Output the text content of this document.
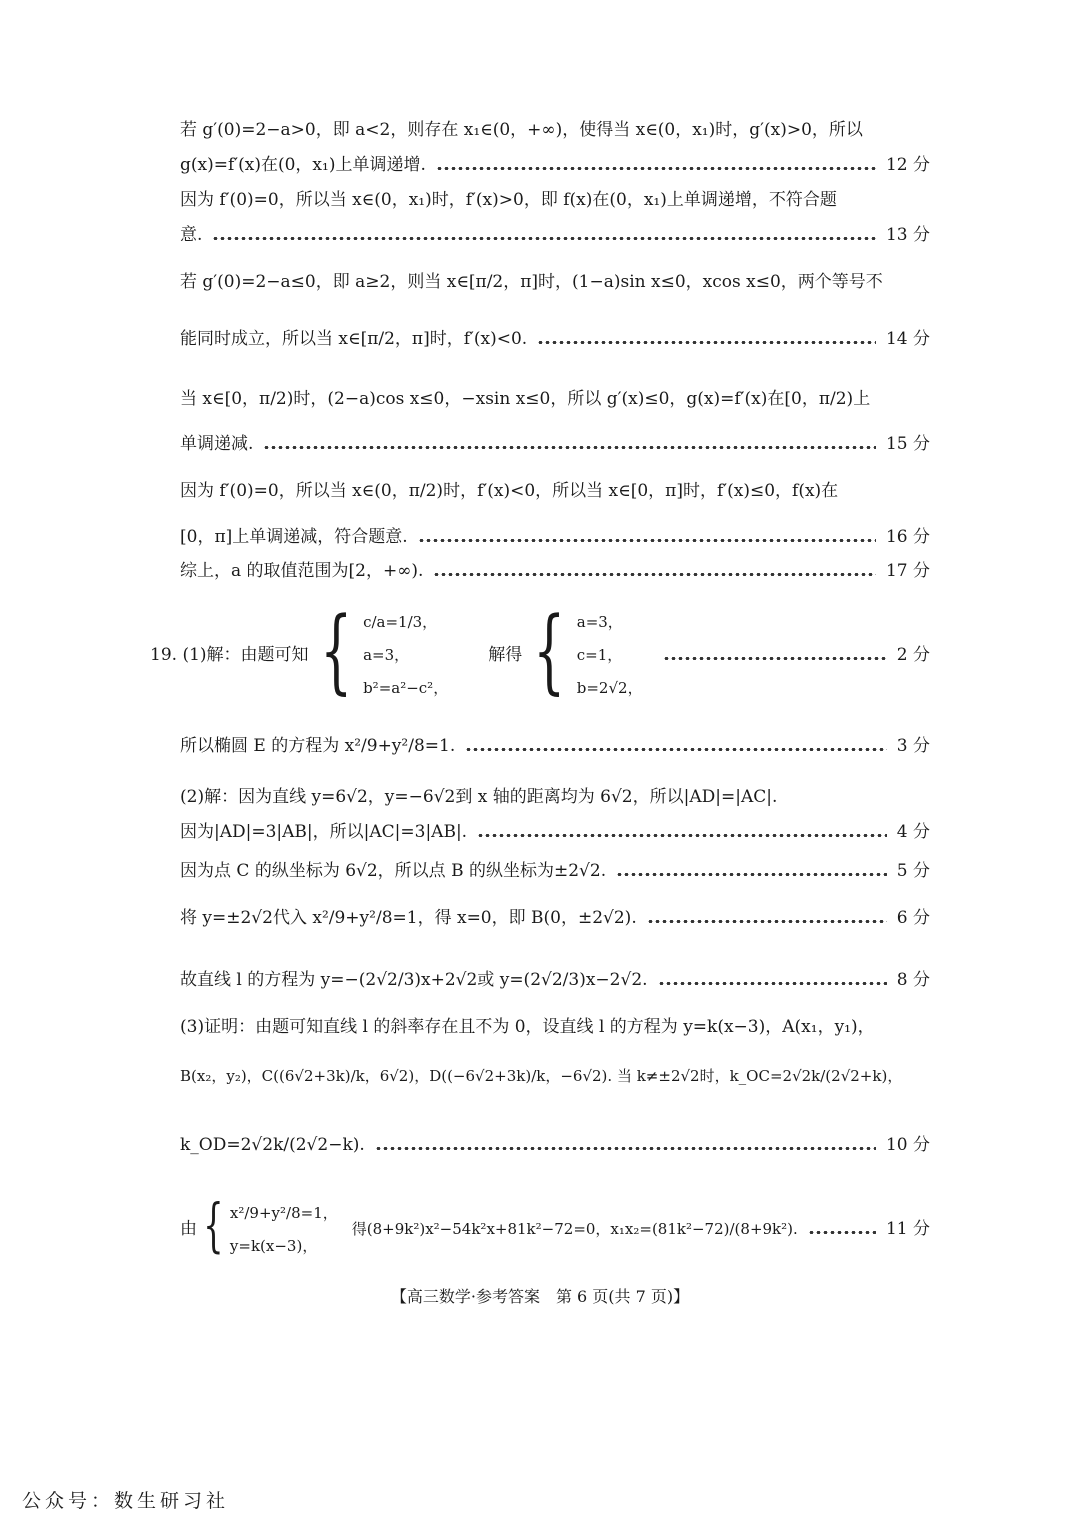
若 g′(0)=2−a>0，即 a<2，则存在 x₁∈(0，+∞)，使得当 x∈(0，x₁)时，g′(x)>0，所以
g(x)=f′(x)在(0，x₁)上单调递增.	12 分
因为 f′(0)=0，所以当 x∈(0，x₁)时，f′(x)>0，即 f(x)在(0，x₁)上单调递增，不符合题
意.	13 分
若 g′(0)=2−a≤0，即 a≥2，则当 x∈[π/2，π]时，(1−a)sin x≤0，xcos x≤0，两个等号不
能同时成立，所以当 x∈[π/2，π]时，f′(x)<0.	14 分
当 x∈[0，π/2)时，(2−a)cos x≤0，−xsin x≤0，所以 g′(x)≤0，g(x)=f′(x)在[0，π/2)上
单调递减.	15 分
因为 f′(0)=0，所以当 x∈(0，π/2)时，f′(x)<0，所以当 x∈[0，π]时，f′(x)≤0，f(x)在
[0，π]上单调递减，符合题意.	16 分
综上，a 的取值范围为[2，+∞).	17 分
19. (1)解：由题可知 { c/a=1/3，
a=3，
b²=a²−c²，
解得 { a=3，
c=1，
b=2√2，
2 分
所以椭圆 E 的方程为 x²/9+y²/8=1.	3 分
(2)解：因为直线 y=6√2，y=−6√2到 x 轴的距离均为 6√2，所以|AD|=|AC|.
因为|AD|=3|AB|，所以|AC|=3|AB|.	4 分
因为点 C 的纵坐标为 6√2，所以点 B 的纵坐标为±2√2.	5 分
将 y=±2√2代入 x²/9+y²/8=1，得 x=0，即 B(0，±2√2).	6 分
故直线 l 的方程为 y=−(2√2/3)x+2√2或 y=(2√2/3)x−2√2.	8 分
(3)证明：由题可知直线 l 的斜率存在且不为 0，设直线 l 的方程为 y=k(x−3)，A(x₁，y₁)，
B(x₂，y₂)，C((6√2+3k)/k，6√2)，D((−6√2+3k)/k，−6√2). 当 k≠±2√2时，k_OC=2√2k/(2√2+k)，
k_OD=2√2k/(2√2−k).	10 分
由 { x²/9+y²/8=1，
y=k(x−3)，
得(8+9k²)x²−54k²x+81k²−72=0，x₁x₂=(81k²−72)/(8+9k²).	11 分
【高三数学·参考答案　第 6 页(共 7 页)】
公众号：数生研习社
